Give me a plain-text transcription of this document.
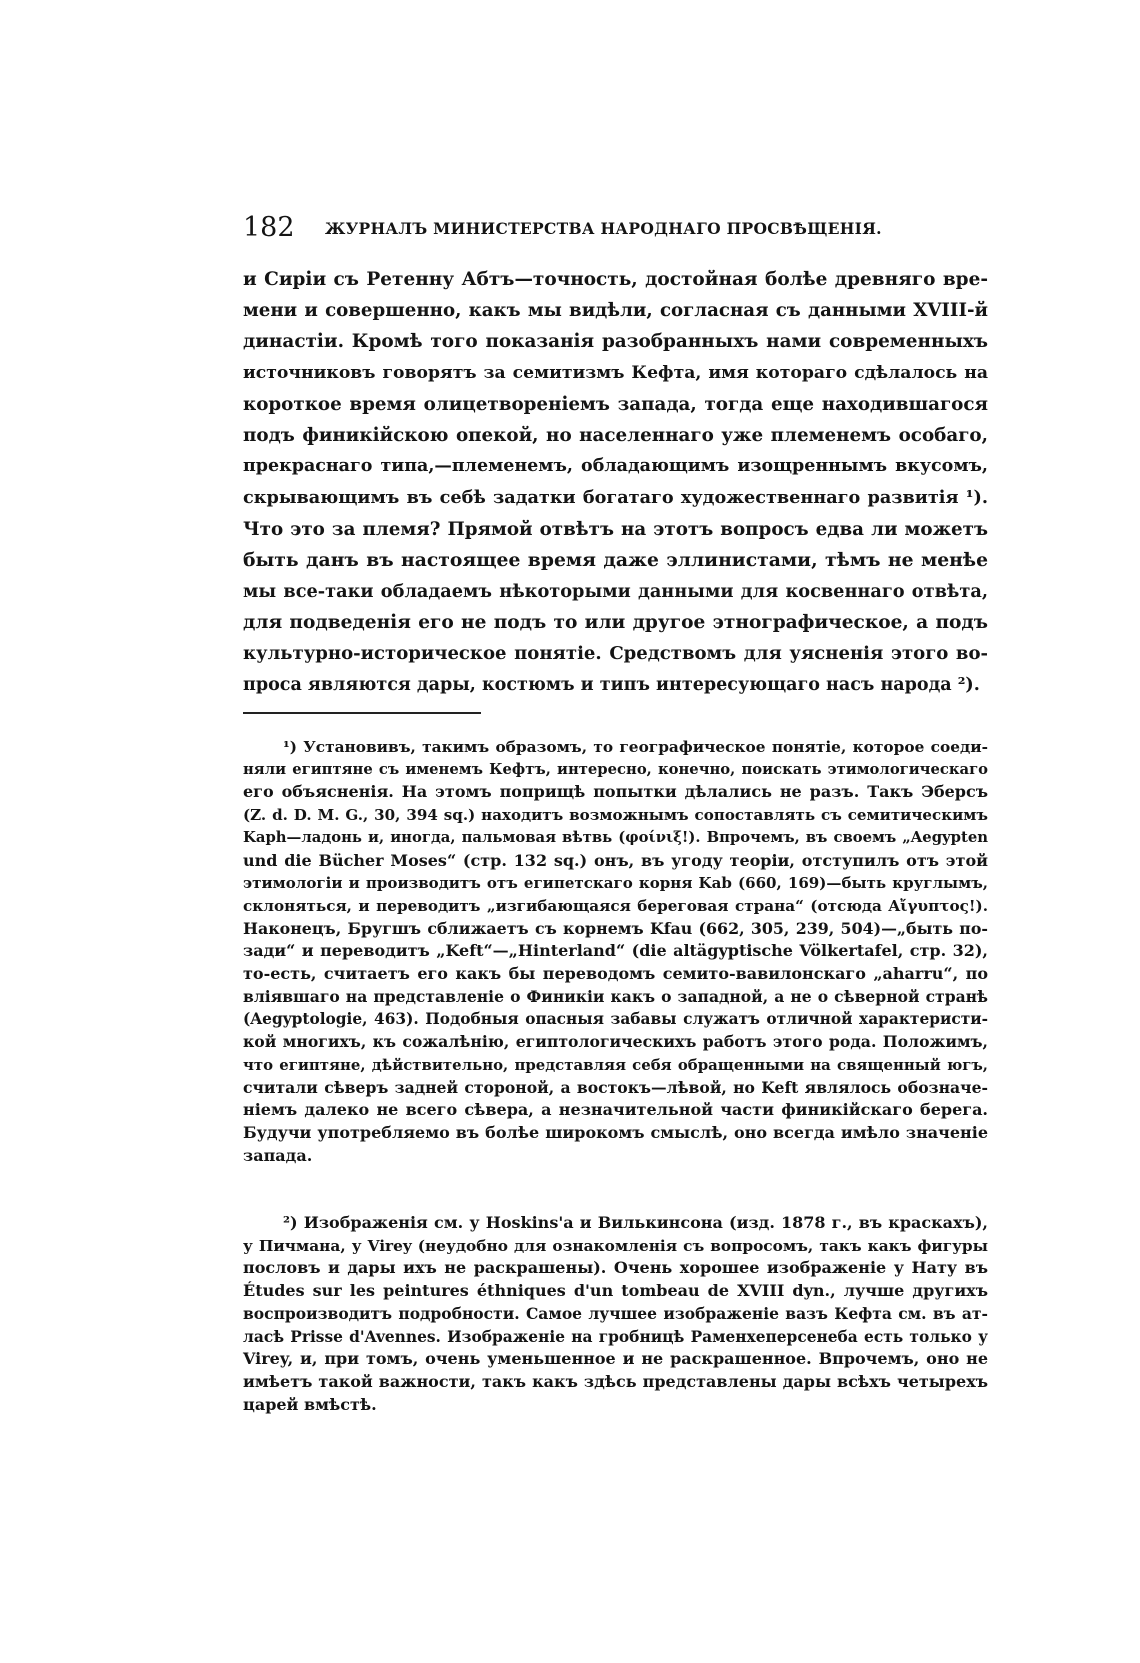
182 ЖУРНАЛЪ МИНИСТЕРСТВА НАРОДНАГО ПРОСВѢЩЕНІЯ.
и Сиріи съ Ретенну Абтъ—точность, достойная болѣе древняго вре-
мени и совершенно, какъ мы видѣли, согласная съ данными XVIII-й
династіи. Кромѣ того показанія разобранныхъ нами современныхъ
источниковъ говорятъ за семитизмъ Кефта, имя котораго сдѣлалось на
короткое время олицетвореніемъ запада, тогда еще находившагося
подъ финикійскою опекой, но населеннаго уже племенемъ особаго,
прекраснаго типа,—племенемъ, обладающимъ изощреннымъ вкусомъ,
скрывающимъ въ себѣ задатки богатаго художественнаго развитія ¹).
Что это за племя? Прямой отвѣтъ на этотъ вопросъ едва ли можетъ
быть данъ въ настоящее время даже эллинистами, тѣмъ не менѣе
мы все-таки обладаемъ нѣкоторыми данными для косвеннаго отвѣта,
для подведенія его не подъ то или другое этнографическое, а подъ
культурно-историческое понятіе. Средствомъ для уясненія этого во-
проса являются дары, костюмъ и типъ интересующаго насъ народа ²).
¹) Установивъ, такимъ образомъ, то географическое понятіе, которое соеди-
няли египтяне съ именемъ Кефтъ, интересно, конечно, поискать этимологическаго
его объясненія. На этомъ поприщѣ попытки дѣлались не разъ. Такъ Эберсъ
(Z. d. D. M. G., 30, 394 sq.) находитъ возможнымъ сопоставлять съ семитическимъ
Kaph—ладонь и, иногда, пальмовая вѣтвь (φοίνιξ!). Впрочемъ, въ своемъ „Aegypten
und die Bücher Moses“ (стр. 132 sq.) онъ, въ угоду теоріи, отступилъ отъ этой
этимологіи и производитъ отъ египетскаго корня Kab (660, 169)—быть круглымъ,
склоняться, и переводитъ „изгибающаяся береговая страна“ (отсюда Αἴγυπτος!).
Наконецъ, Бругшъ сближаетъ съ корнемъ Kfau (662, 305, 239, 504)—„быть по-
зади“ и переводитъ „Keft“—„Hinterland“ (die altägyptische Völkertafel, стр. 32),
то-есть, считаетъ его какъ бы переводомъ семито-вавилонскаго „aharru“, по
вліявшаго на представленіе о Финикіи какъ о западной, а не о сѣверной странѣ
(Aegyptologie, 463). Подобныя опасныя забавы служатъ отличной характеристи-
кой многихъ, къ сожалѣнію, египтологическихъ работъ этого рода. Положимъ,
что египтяне, дѣйствительно, представляя себя обращенными на священный югъ,
считали сѣверъ задней стороной, а востокъ—лѣвой, но Keft являлось обозначе-
ніемъ далеко не всего сѣвера, а незначительной части финикійскаго берега.
Будучи употребляемо въ болѣе широкомъ смыслѣ, оно всегда имѣло значеніе
запада.
²) Изображенія см. у Hoskins'а и Вилькинсона (изд. 1878 г., въ краскахъ),
у Пичмана, у Virey (неудобно для ознакомленія съ вопросомъ, такъ какъ фигуры
пословъ и дары ихъ не раскрашены). Очень хорошее изображеніе у Нату въ
Études sur les peintures éthniques d'un tombeau de XVIII dyn., лучше другихъ
воспроизводитъ подробности. Самое лучшее изображеніе вазъ Кефта см. въ ат-
ласѣ Prisse d'Avennes. Изображеніе на гробницѣ Раменхеперсенеба есть только у
Virey, и, при томъ, очень уменьшенное и не раскрашенное. Впрочемъ, оно не
имѣетъ такой важности, такъ какъ здѣсь представлены дары всѣхъ четырехъ
царей вмѣстѣ.
